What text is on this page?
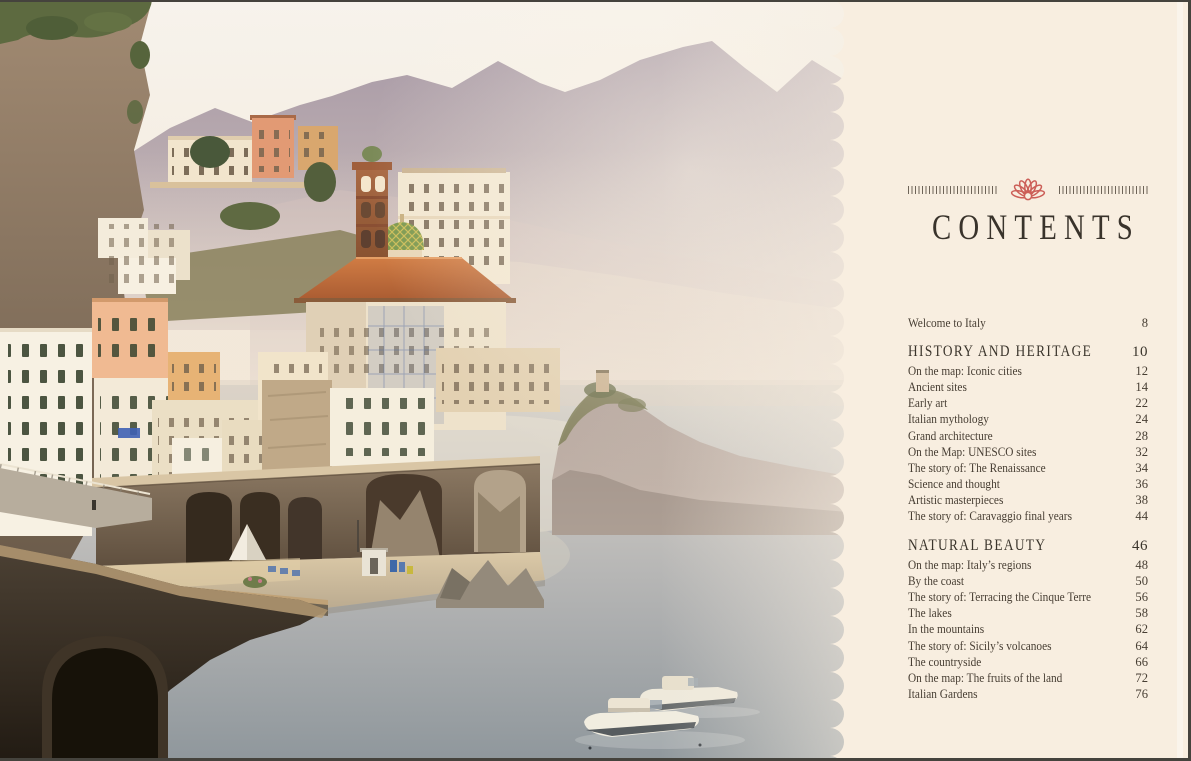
CONTENTS
Welcome to Italy	8
HISTORY AND HERITAGE	10
On the map: Iconic cities	12
Ancient sites	14
Early art	22
Italian mythology	24
Grand architecture	28
On the Map: UNESCO sites	32
The story of: The Renaissance	34
Science and thought	36
Artistic masterpieces	38
The story of: Caravaggio final years	44
NATURAL BEAUTY	46
On the map: Italy’s regions	48
By the coast	50
The story of: Terracing the Cinque Terre	56
The lakes	58
In the mountains	62
The story of: Sicily’s volcanoes	64
The countryside	66
On the map: The fruits of the land	72
Italian Gardens	76
